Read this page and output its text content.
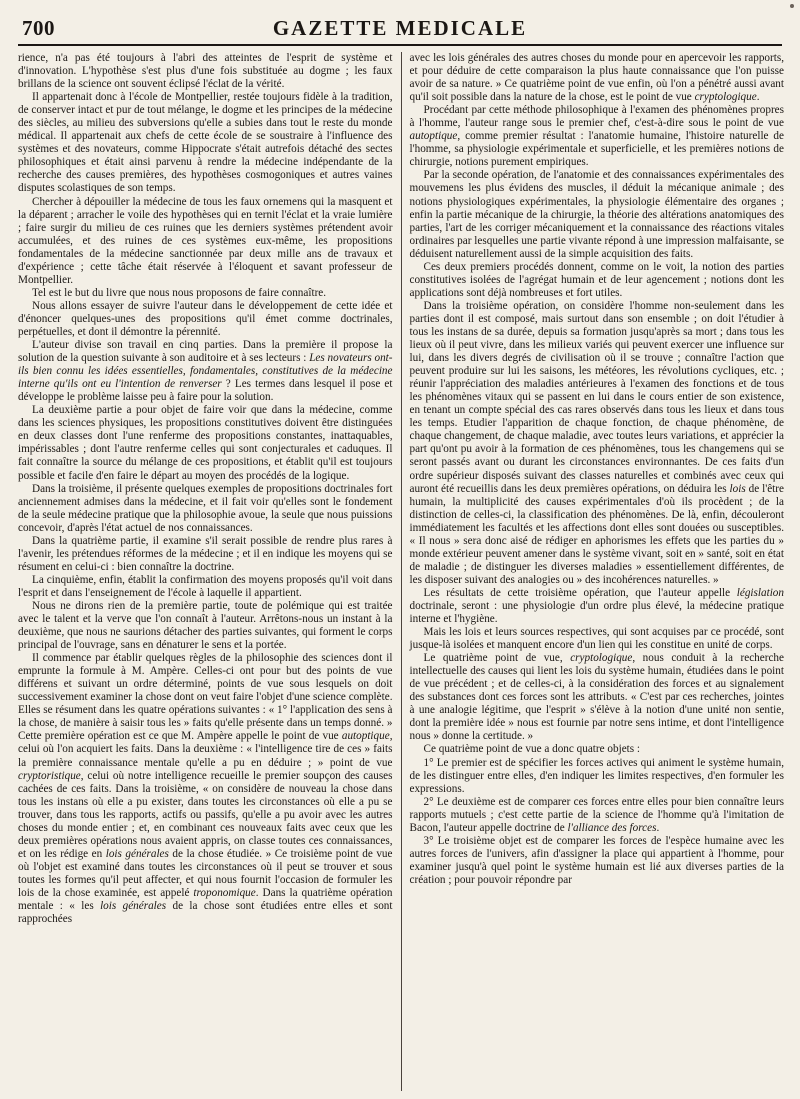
700	GAZETTE MEDICALE

rience, n'a pas été toujours à l'abri des atteintes de l'esprit de système et d'innovation. L'hypothèse s'est plus d'une fois substituée au dogme ; les faux brillans de la science ont souvent éclipsé l'éclat de la vérité.

Il appartenait donc à l'école de Montpellier, restée toujours fidèle à la tradition, de conserver intact et pur de tout mélange, le dogme et les principes de la médecine des siècles, au milieu des subversions qu'elle a subies dans tout le reste du monde médical. Il appartenait aux chefs de cette école de se soustraire à l'influence des systèmes et des novateurs, comme Hippocrate s'était autrefois détaché des sectes philosophiques et était ainsi parvenu à rendre la médecine indépendante de la recherche des causes premières, des hypothèses cosmogoniques et autres vaines disputes scolastiques de son temps.

Chercher à dépouiller la médecine de tous les faux ornemens qui la masquent et la déparent ; arracher le voile des hypothèses qui en ternit l'éclat et la vraie lumière ; faire surgir du milieu de ces ruines que les derniers systèmes prétendent avoir accumulées, et des ruines de ces systèmes eux-même, les propositions fondamentales de la médecine sanctionnée par deux mille ans de travaux et d'expérience ; cette tâche était réservée à l'éloquent et savant professeur de Montpellier.

Tel est le but du livre que nous nous proposons de faire connaître.

Nous allons essayer de suivre l'auteur dans le développement de cette idée et d'énoncer quelques-unes des propositions qu'il émet comme doctrinales, perpétuelles, et dont il démontre la pérennité.

L'auteur divise son travail en cinq parties. Dans la première il propose la solution de la question suivante à son auditoire et à ses lecteurs : Les novateurs ont-ils bien connu les idées essentielles, fondamentales, constitutives de la médecine interne qu'ils ont eu l'intention de renverser ? Les termes dans lesquel il pose et développe le problème laisse peu à faire pour la solution.

La deuxième partie a pour objet de faire voir que dans la médecine, comme dans les sciences physiques, les propositions constitutives doivent être distinguées en deux classes dont l'une renferme des propositions constantes, inattaquables, impérissables ; dont l'autre renferme celles qui sont conjecturales et caduques. Il fait connaître la source du mélange de ces propositions, et établit qu'il est toujours possible et facile d'en faire le départ au moyen des procédés de la logique.

Dans la troisième, il présente quelques exemples de propositions doctrinales fort anciennement admises dans la médecine, et il fait voir qu'elles sont le fondement de la seule médecine pratique que la philosophie avoue, la seule que nous puissions concevoir, d'après l'état actuel de nos connaissances.

Dans la quatrième partie, il examine s'il serait possible de rendre plus rares à l'avenir, les prétendues réformes de la médecine ; et il en indique les moyens qui se résument en celui-ci : bien connaître la doctrine.

La cinquième, enfin, établit la confirmation des moyens proposés qu'il voit dans l'esprit et dans l'enseignement de l'école à laquelle il appartient.

Nous ne dirons rien de la première partie, toute de polémique qui est traitée avec le talent et la verve que l'on connaît à l'auteur. Arrêtons-nous un instant à la deuxième, que nous ne saurions détacher des parties suivantes, qui forment le corps principal de l'ouvrage, sans en dénaturer le sens et la portée.

Il commence par établir quelques règles de la philosophie des sciences dont il emprunte la formule à M. Ampère. Celles-ci ont pour but des points de vue différens et suivant un ordre déterminé, points de vue sous lesquels on doit successivement examiner la chose dont on veut faire l'objet d'une science complète. Elles se résument dans les quatre opérations suivantes : « 1° l'application des sens à la chose, de manière à saisir tous les » faits qu'elle présente dans un temps donné. » Cette première opération est ce que M. Ampère appelle le point de vue autoptique, celui où l'on acquiert les faits. Dans la deuxième : « l'intelligence tire de ces » faits la première connaissance mentale qu'elle a pu en déduire ; » point de vue cryptoristique, celui où notre intelligence recueille le premier soupçon des causes cachées de ces faits. Dans la troisième, « on considère de nouveau la chose dans tous les instans où elle a pu exister, dans toutes les circonstances où elle a pu se trouver, dans tous les rapports, actifs ou passifs, qu'elle a pu avoir avec les autres choses du monde entier ; et, en combinant ces nouveaux faits avec ceux que les deux premières opérations nous avaient appris, on classe toutes ces connaissances, et on les rédige en lois générales de la chose étudiée. » Ce troisième point de vue où l'objet est examiné dans toutes les circonstances où il peut se trouver et sous toutes les formes qu'il peut affecter, et qui nous fournit l'occasion de formuler les lois de la chose examinée, est appelé troponomique. Dans la quatrième opération mentale : « les lois générales de la chose sont étudiées entre elles et sont rapprochées

avec les lois générales des autres choses du monde pour en apercevoir les rapports, et pour déduire de cette comparaison la plus haute connaissance que l'on puisse avoir de sa nature. » Ce quatrième point de vue enfin, où l'on a pénétré aussi avant qu'il soit possible dans la nature de la chose, est le point de vue cryptologique.

Procédant par cette méthode philosophique à l'examen des phénomènes propres à l'homme, l'auteur range sous le premier chef, c'est-à-dire sous le point de vue autoptique, comme premier résultat : l'anatomie humaine, l'histoire naturelle de l'homme, sa physiologie expérimentale et superficielle, et les premières notions de chirurgie, notions purement empiriques.

Par la seconde opération, de l'anatomie et des connaissances expérimentales des mouvemens les plus évidens des muscles, il déduit la mécanique animale ; des notions physiologiques expérimentales, la physiologie élémentaire des organes ; enfin la partie mécanique de la chirurgie, la théorie des altérations anatomiques des parties, l'art de les corriger mécaniquement et la connaissance des réactions vitales ordinaires par lesquelles une partie vivante répond à une impression malfaisante, se déduisent naturellement aussi de la simple acquisition des faits.

Ces deux premiers procédés donnent, comme on le voit, la notion des parties constitutives isolées de l'agrégat humain et de leur agencement ; notions dont les applications sont déjà nombreuses et fort utiles.

Dans la troisième opération, on considère l'homme non-seulement dans les parties dont il est composé, mais surtout dans son ensemble ; on doit l'étudier à tous les instans de sa durée, depuis sa formation jusqu'après sa mort ; dans tous les lieux où il peut vivre, dans les milieux variés qui peuvent exercer une influence sur lui, dans les divers degrés de civilisation où il se trouve ; connaître l'action que peuvent produire sur lui les saisons, les météores, les révolutions cycliques, etc. ; réunir l'appréciation des maladies antérieures à l'examen des fonctions et de tous les phénomènes vitaux qui se passent en lui dans le cours entier de son existence, en tenant un compte spécial des cas rares observés dans tous les lieux et dans tous les temps. Etudier l'apparition de chaque fonction, de chaque phénomène, de chaque changement, de chaque maladie, avec toutes leurs variations, et apprécier la part qu'ont pu avoir à la formation de ces phénomènes, tous les changemens qui se seront passés avant ou durant les circonstances environnantes. De ces faits d'un ordre supérieur disposés suivant des classes naturelles et combinés avec ceux qui auront été recueillis dans les deux premières opérations, on déduira les lois de l'être humain, la multiplicité des causes expérimentales d'où ils procèdent ; de la distinction de celles-ci, la classification des phénomènes. De là, enfin, découleront immédiatement les facultés et les affections dont elles sont douées ou susceptibles. « Il nous » sera donc aisé de rédiger en aphorismes les effets que les parties du » monde extérieur peuvent amener dans le système vivant, soit en » santé, soit en état de maladie ; de distinguer les diverses maladies » essentiellement différentes, de les disposer suivant des analogies ou » des incohérences naturelles. »

Les résultats de cette troisième opération, que l'auteur appelle législation doctrinale, seront : une physiologie d'un ordre plus élevé, la médecine pratique interne et l'hygiène.

Mais les lois et leurs sources respectives, qui sont acquises par ce procédé, sont jusque-là isolées et manquent encore d'un lien qui les constitue en unité de corps.

Le quatrième point de vue, cryptologique, nous conduit à la recherche intellectuelle des causes qui lient les lois du système humain, étudiées dans le point de vue précédent ; et de celles-ci, à la considération des forces et au signalement des substances dont ces forces sont les attributs. « C'est par ces recherches, jointes à une analogie légitime, que l'esprit » s'élève à la notion d'une unité non sentie, dont la première idée » nous est fournie par notre sens intime, et dont l'intelligence nous » donne la certitude. »

Ce quatrième point de vue a donc quatre objets :

1° Le premier est de spécifier les forces actives qui animent le système humain, de les distinguer entre elles, d'en indiquer les limites respectives, d'en formuler les expressions.

2° Le deuxième est de comparer ces forces entre elles pour bien connaître leurs rapports mutuels ; c'est cette partie de la science de l'homme qu'à l'imitation de Bacon, l'auteur appelle doctrine de l'alliance des forces.

3° Le troisième objet est de comparer les forces de l'espèce humaine avec les autres forces de l'univers, afin d'assigner la place qui appartient à l'homme, pour examiner jusqu'à quel point le système humain est lié aux diverses parties de la création ; pour pouvoir répondre par
